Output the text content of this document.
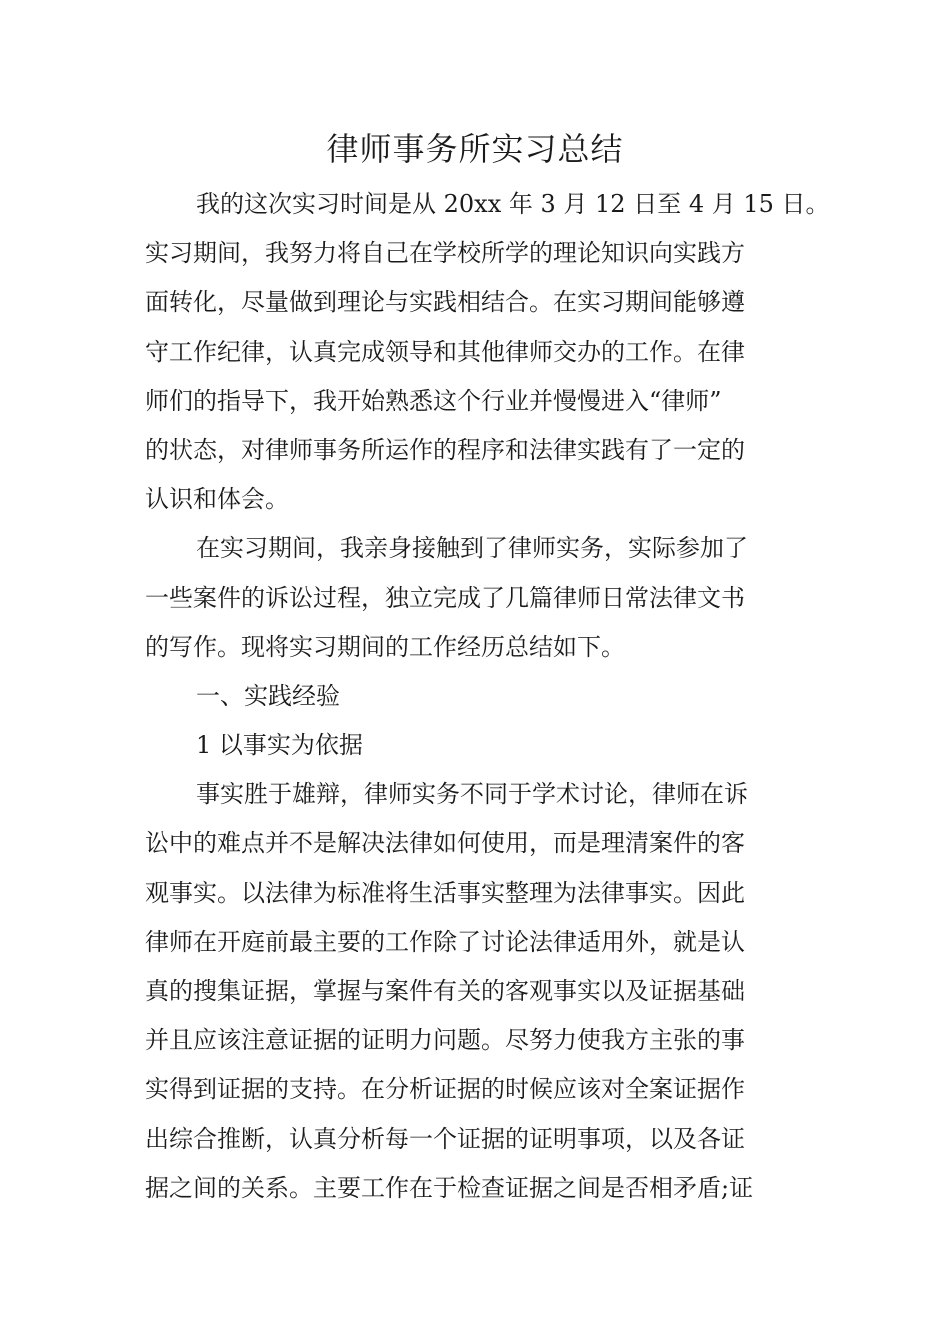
律师事务所实习总结
我的这次实习时间是从 20xx 年 3 月 12 日至 4 月 15 日。
实习期间，我努力将自己在学校所学的理论知识向实践方
面转化，尽量做到理论与实践相结合。在实习期间能够遵
守工作纪律，认真完成领导和其他律师交办的工作。在律
师们的指导下，我开始熟悉这个行业并慢慢进入“律师”
的状态，对律师事务所运作的程序和法律实践有了一定的
认识和体会。
在实习期间，我亲身接触到了律师实务，实际参加了
一些案件的诉讼过程，独立完成了几篇律师日常法律文书
的写作。现将实习期间的工作经历总结如下。
一、实践经验
1 以事实为依据
事实胜于雄辩，律师实务不同于学术讨论，律师在诉
讼中的难点并不是解决法律如何使用，而是理清案件的客
观事实。以法律为标准将生活事实整理为法律事实。因此
律师在开庭前最主要的工作除了讨论法律适用外，就是认
真的搜集证据，掌握与案件有关的客观事实以及证据基础
并且应该注意证据的证明力问题。尽努力使我方主张的事
实得到证据的支持。在分析证据的时候应该对全案证据作
出综合推断，认真分析每一个证据的证明事项，以及各证
据之间的关系。主要工作在于检查证据之间是否相矛盾;证
